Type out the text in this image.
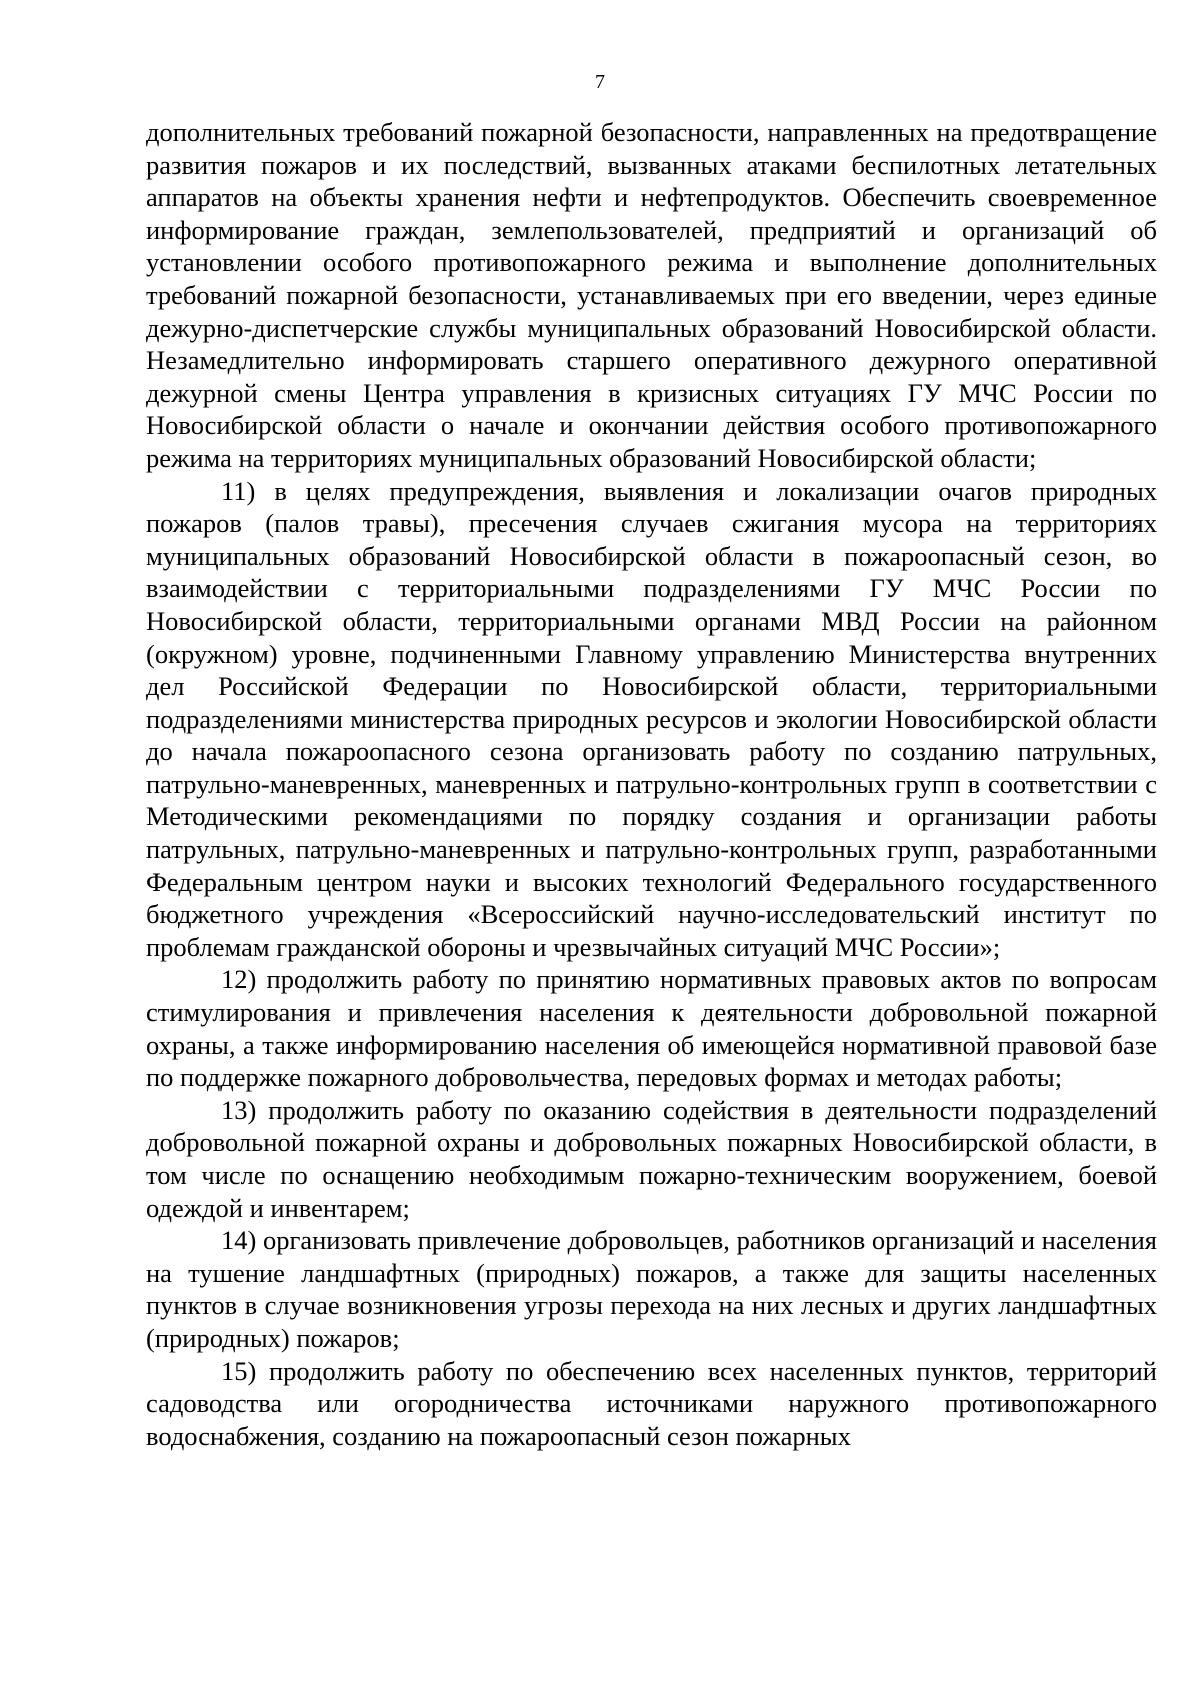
7

дополнительных требований пожарной безопасности, направленных на предотвращение развития пожаров и их последствий, вызванных атаками беспилотных летательных аппаратов на объекты хранения нефти и нефтепродуктов. Обеспечить своевременное информирование граждан, землепользователей, предприятий и организаций об установлении особого противопожарного режима и выполнение дополнительных требований пожарной безопасности, устанавливаемых при его введении, через единые дежурно-диспетчерские службы муниципальных образований Новосибирской области. Незамедлительно информировать старшего оперативного дежурного оперативной дежурной смены Центра управления в кризисных ситуациях ГУ МЧС России по Новосибирской области о начале и окончании действия особого противопожарного режима на территориях муниципальных образований Новосибирской области;

11) в целях предупреждения, выявления и локализации очагов природных пожаров (палов травы), пресечения случаев сжигания мусора на территориях муниципальных образований Новосибирской области в пожароопасный сезон, во взаимодействии с территориальными подразделениями ГУ МЧС России по Новосибирской области, территориальными органами МВД России на районном (окружном) уровне, подчиненными Главному управлению Министерства внутренних дел Российской Федерации по Новосибирской области, территориальными подразделениями министерства природных ресурсов и экологии Новосибирской области до начала пожароопасного сезона организовать работу по созданию патрульных, патрульно-маневренных, маневренных и патрульно-контрольных групп в соответствии с Методическими рекомендациями по порядку создания и организации работы патрульных, патрульно-маневренных и патрульно-контрольных групп, разработанными Федеральным центром науки и высоких технологий Федерального государственного бюджетного учреждения «Всероссийский научно-исследовательский институт по проблемам гражданской обороны и чрезвычайных ситуаций МЧС России»;

12) продолжить работу по принятию нормативных правовых актов по вопросам стимулирования и привлечения населения к деятельности добровольной пожарной охраны, а также информированию населения об имеющейся нормативной правовой базе по поддержке пожарного добровольчества, передовых формах и методах работы;

13) продолжить работу по оказанию содействия в деятельности подразделений добровольной пожарной охраны и добровольных пожарных Новосибирской области, в том числе по оснащению необходимым пожарно-техническим вооружением, боевой одеждой и инвентарем;

14) организовать привлечение добровольцев, работников организаций и населения на тушение ландшафтных (природных) пожаров, а также для защиты населенных пунктов в случае возникновения угрозы перехода на них лесных и других ландшафтных (природных) пожаров;

15) продолжить работу по обеспечению всех населенных пунктов, территорий садоводства или огородничества источниками наружного противопожарного водоснабжения, созданию на пожароопасный сезон пожарных
